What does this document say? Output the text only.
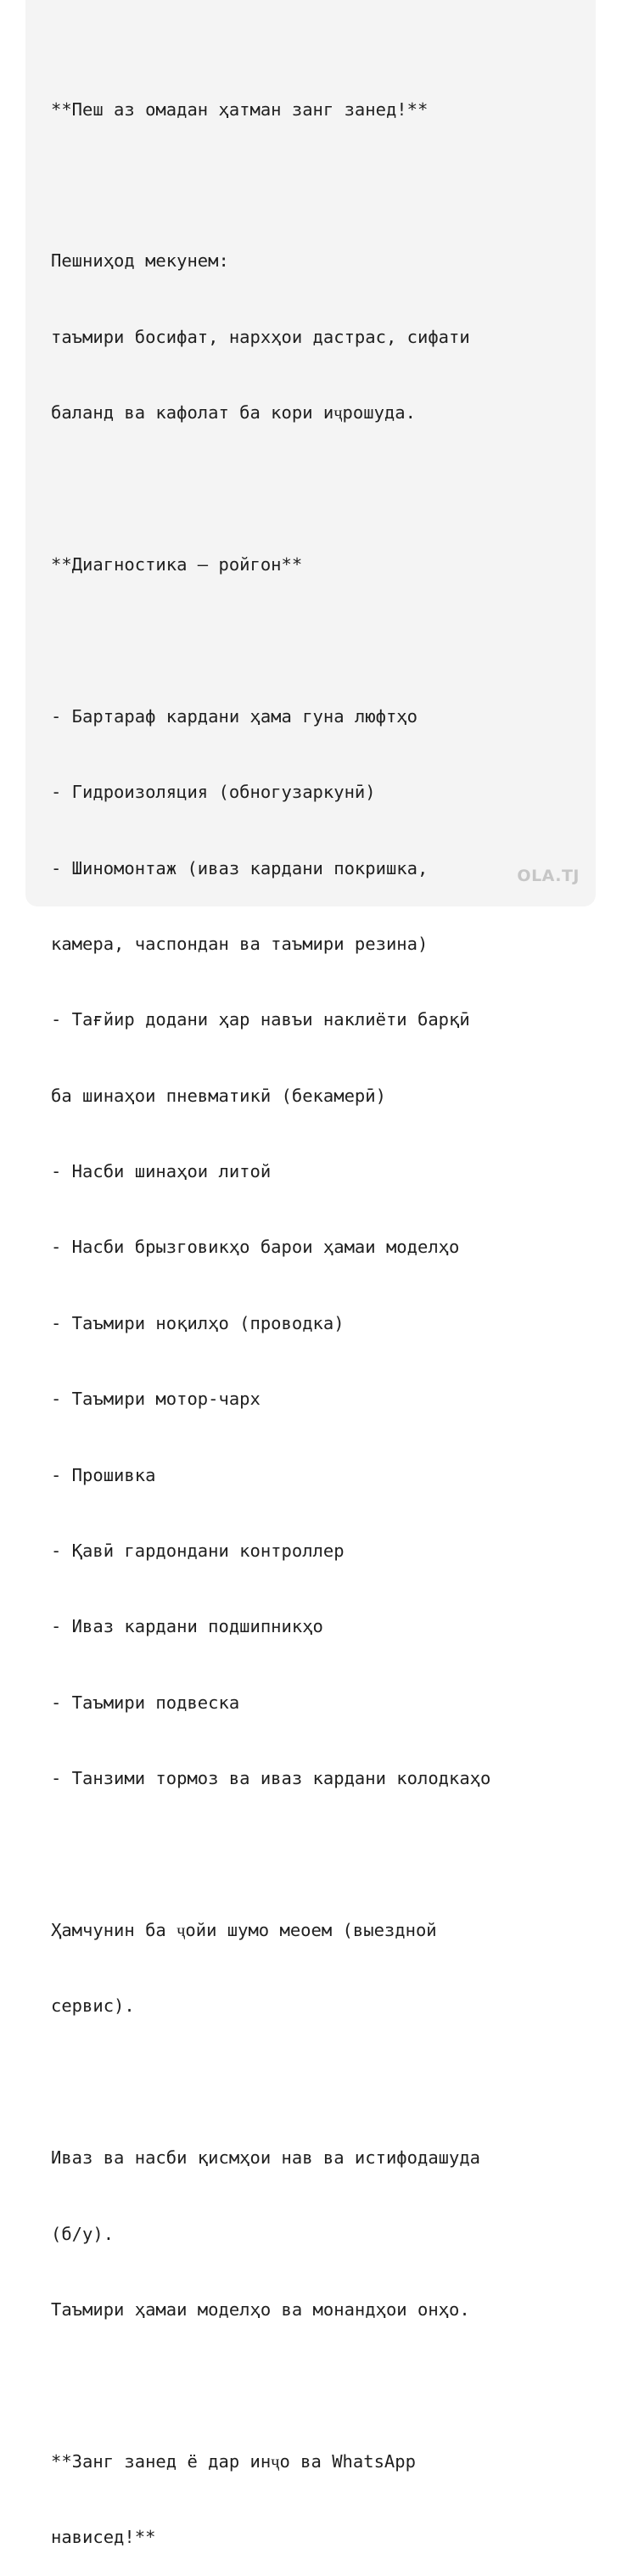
**Пеш аз омадан ҳатман занг занед!**

Пешниҳод мекунем:

таъмири босифат, нархҳои дастрас, сифати

баланд ва кафолат ба кори иҷрошуда.

**Диагностика – ройгон**

- Бартараф кардани ҳама гуна люфтҳо

- Гидроизоляция (обногузаркунӣ)

- Шиномонтаж (иваз кардани покришка,

камера, часпондан ва таъмири резина)

- Тағйир додани ҳар навъи наклиёти барқӣ

ба шинаҳои пневматикӣ (бекамерӣ)

- Насби шинаҳои литой

- Насби брызговикҳо барои ҳамаи моделҳо

- Таъмири ноқилҳо (проводка)

- Таъмири мотор-чарх

- Прошивка

- Қавӣ гардондани контроллер

- Иваз кардани подшипникҳо

- Таъмири подвеска

- Танзими тормоз ва иваз кардани колодкаҳо

Ҳамчунин ба ҷойи шумо меоем (выездной

сервис).

Иваз ва насби қисмҳои нав ва истифодашуда

(б/у).

Таъмири ҳамаи моделҳо ва монандҳои онҳо.

**Занг занед ё дар инҷо ва WhatsApp

нависед!**

OLA.TJ
